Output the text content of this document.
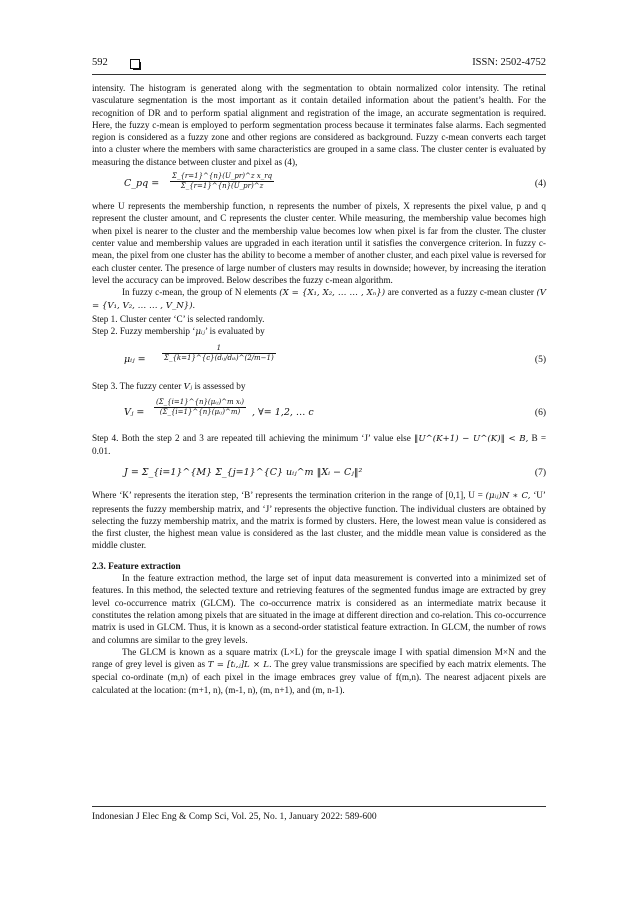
592	ISSN: 2502-4752

intensity. The histogram is generated along with the segmentation to obtain normalized color intensity. The retinal vasculature segmentation is the most important as it contain detailed information about the patient’s health. For the recognition of DR and to perform spatial alignment and registration of the image, an accurate segmentation is required. Here, the fuzzy c-mean is employed to perform segmentation process because it terminates false alarms. Each segmented region is considered as a fuzzy zone and other regions are considered as background. Fuzzy c-mean converts each target into a cluster where the members with same characteristics are grouped in a same class. The cluster center is evaluated by measuring the distance between cluster and pixel as (4),

C_pq = $\frac{\text{Σ\_\{r=1\}\textasciicircum{}\{n\}(U\_pr)\textasciicircum{}z x\_rq}}{\Sigma\_\{r=1\}\^{}\{n\}(U\_pr)\^{}z}$	(4)

where U represents the membership function, n represents the number of pixels, X represents the pixel value, p and q represent the cluster amount, and C represents the cluster center. While measuring, the membership value becomes high when pixel is nearer to the cluster and the membership value becomes low when pixel is far from the cluster. The cluster center value and membership values are upgraded in each iteration until it satisfies the convergence criterion. In fuzzy c-mean, the pixel from one cluster has the ability to become a member of another cluster, and each pixel value is reversed for each cluster center. The presence of large number of clusters may results in downside; however, by increasing the iteration level the accuracy can be improved. Below describes the fuzzy c-mean algorithm.

In fuzzy c-mean, the group of N elements (X = {X₁, X₂, … … , Xₙ}) are converted as a fuzzy c-mean cluster (V = {V₁, V₂, … … , V_N}).

Step 1. Cluster center ‘C’ is selected randomly.

Step 2. Fuzzy membership ‘μᵢⱼ’ is evaluated by

μᵢⱼ =
1
Σ_{k=1}^{c}(dᵢⱼ/dᵢₖ)^(2/m−1)	(5)

Step 3. The fuzzy center Vⱼ is assessed by

Vⱼ =
(Σ_{i=1}^{n}(μᵢⱼ)^m xᵢ)
(Σ_{i=1}^{n}(μᵢⱼ)^m)	, ∀= 1,2, … c	(6)

Step 4. Both the step 2 and 3 are repeated till achieving the minimum ‘J’ value else ‖U^(K+1) − U^(K)‖ < B, B = 0.01.

J = Σ_{i=1}^{M} Σ_{j=1}^{C} uᵢⱼ^m ‖Xᵢ − Cⱼ‖²	(7)

Where ‘K’ represents the iteration step, ‘B’ represents the termination criterion in the range of [0,1], U = (μᵢⱼ)N ∗ C, ‘U’ represents the fuzzy membership matrix, and ‘J’ represents the objective function. The individual clusters are obtained by selecting the fuzzy membership matrix, and the matrix is formed by clusters. Here, the lowest mean value is considered as the first cluster, the highest mean value is considered as the last cluster, and the middle mean value is considered as the middle cluster.

2.3. Feature extraction

In the feature extraction method, the large set of input data measurement is converted into a minimized set of features. In this method, the selected texture and retrieving features of the segmented fundus image are extracted by grey level co-occurrence matrix (GLCM). The co-occurrence matrix is considered as an intermediate matrix because it constitutes the relation among pixels that are situated in the image at different direction and co-relation. This co-occurrence matrix is used in GLCM. Thus, it is known as a second-order statistical feature extraction. In GLCM, the number of rows and columns are similar to the grey levels.

The GLCM is known as a square matrix (L×L) for the greyscale image I with spatial dimension M×N and the range of grey level is given as T = [tᵢ,ⱼ]L × L. The grey value transmissions are specified by each matrix elements. The special co-ordinate (m,n) of each pixel in the image embraces grey value of f(m,n). The nearest adjacent pixels are calculated at the location: (m+1, n), (m-1, n), (m, n+1), and (m, n-1).

Indonesian J Elec Eng & Comp Sci, Vol. 25, No. 1, January 2022: 589-600
